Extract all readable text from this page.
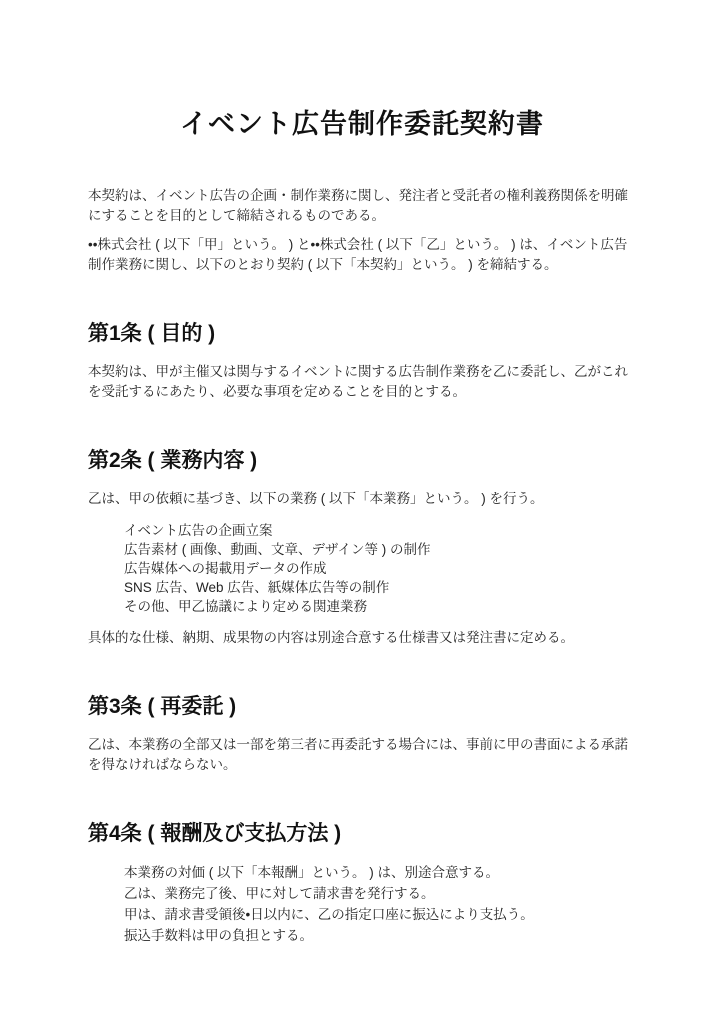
イベント広告制作委託契約書

本契約は、イベント広告の企画・制作業務に関し、発注者と受託者の権利義務関係を明確にすることを目的として締結されるものである。

••株式会社 ( 以下「甲」という。 ) と••株式会社 ( 以下「乙」という。 ) は、イベント広告制作業務に関し、以下のとおり契約 ( 以下「本契約」という。 ) を締結する。

第1条 ( 目的 )

本契約は、甲が主催又は関与するイベントに関する広告制作業務を乙に委託し、乙がこれを受託するにあたり、必要な事項を定めることを目的とする。

第2条 ( 業務内容 )

乙は、甲の依頼に基づき、以下の業務 ( 以下「本業務」という。 ) を行う。

イベント広告の企画立案
広告素材 ( 画像、動画、文章、デザイン等 ) の制作
広告媒体への掲載用データの作成
SNS 広告、Web 広告、紙媒体広告等の制作
その他、甲乙協議により定める関連業務

具体的な仕様、納期、成果物の内容は別途合意する仕様書又は発注書に定める。

第3条 ( 再委託 )

乙は、本業務の全部又は一部を第三者に再委託する場合には、事前に甲の書面による承諾を得なければならない。

第4条 ( 報酬及び支払方法 )
本業務の対価 ( 以下「本報酬」という。 ) は、別途合意する。
乙は、業務完了後、甲に対して請求書を発行する。
甲は、請求書受領後•日以内に、乙の指定口座に振込により支払う。
振込手数料は甲の負担とする。
